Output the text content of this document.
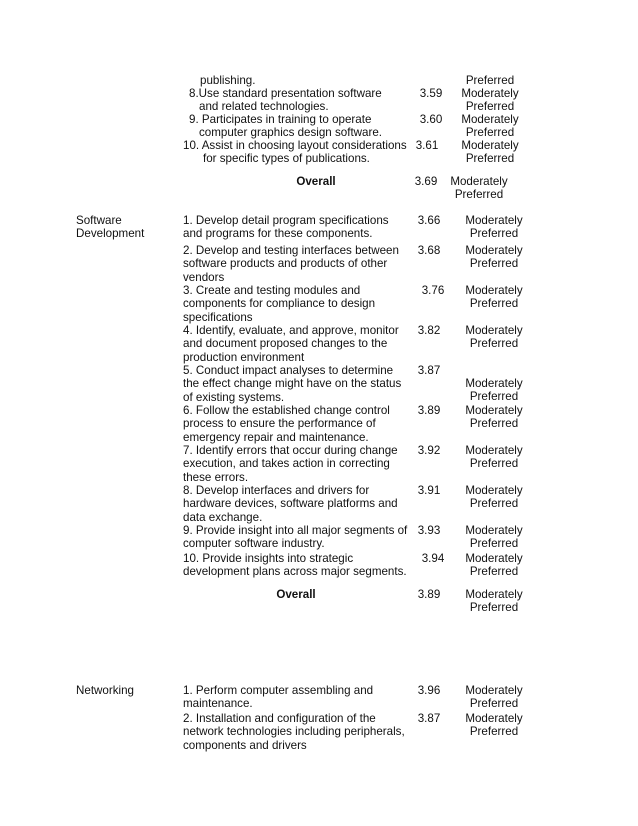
publishing.	Preferred
8.Use standard presentation software
and related technologies.
3.59	Moderately
Preferred
9. Participates in training to operate
computer graphics design software.
3.60	Moderately
Preferred
10. Assist in choosing layout considerations
for specific types of publications.
3.61	Moderately
Preferred
Overall	3.69	Moderately
Preferred
Software
Development
1. Develop detail program specifications and programs for these components.
3.66	Moderately
Preferred
2. Develop and testing interfaces between software products and products of other vendors
3.68	Moderately
Preferred
3. Create and testing modules and components for compliance to design specifications
3.76	Moderately
Preferred
4. Identify, evaluate, and approve, monitor and document proposed changes to the production environment
3.82	Moderately
Preferred
5. Conduct impact analyses to determine the effect change might have on the status of existing systems.
3.87
Moderately
Preferred
6. Follow the established change control process to ensure the performance of emergency repair and maintenance.
3.89	Moderately
Preferred
7. Identify errors that occur during change execution, and takes action in correcting these errors.
3.92	Moderately
Preferred
8. Develop interfaces and drivers for hardware devices, software platforms and data exchange.
3.91	Moderately
Preferred
9. Provide insight into all major segments of computer software industry.
3.93	Moderately
Preferred
10. Provide insights into strategic development plans across major segments.
3.94	Moderately
Preferred
Overall	3.89	Moderately
Preferred
Networking	1. Perform computer assembling and maintenance.
3.96	Moderately
Preferred
2. Installation and configuration of the network technologies including peripherals, components and drivers
3.87	Moderately
Preferred
